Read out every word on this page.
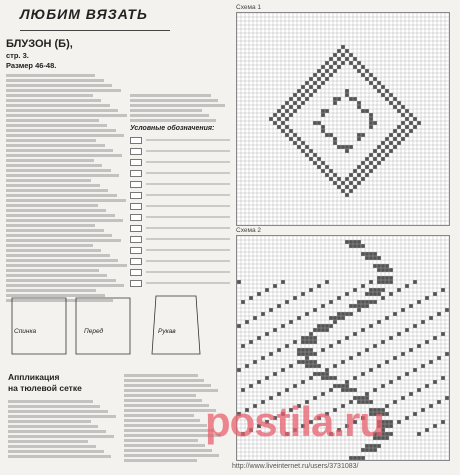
ЛЮБИМ ВЯЗАТЬ
БЛУЗОН (Б),
стр. 3.
Размер 46-48.
Условные обозначения:
Схема 1
Схема 2
Спинка	Перед	Рукав
Аппликация
на тюлевой сетке
postila.ru
http://www.liveinternet.ru/users/3731083/
